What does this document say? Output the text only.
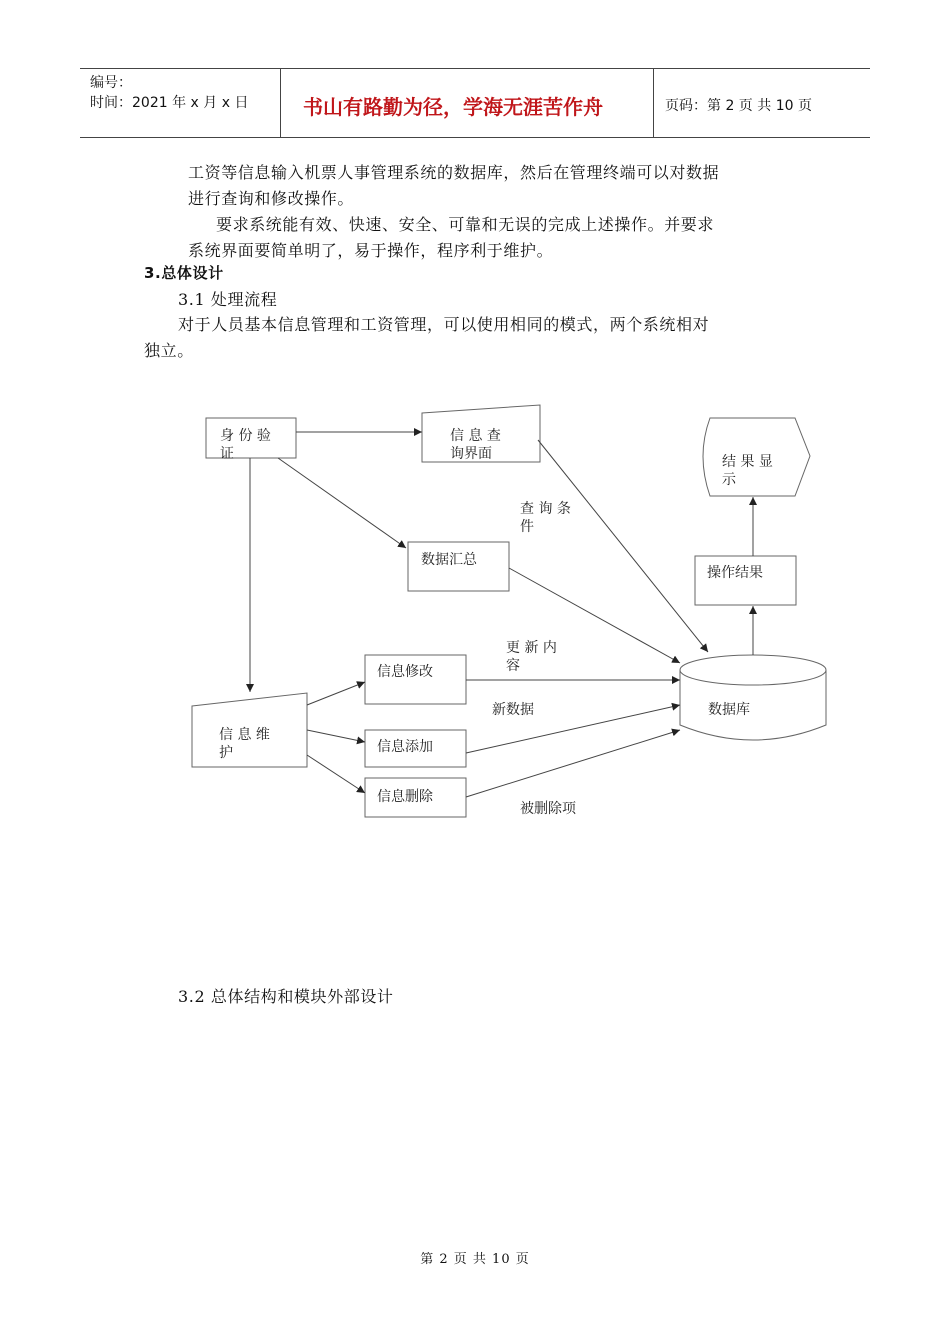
编号：
时间：2021 年 x 月 x 日	书山有路勤为径，学海无涯苦作舟	页码：第 2 页 共 10 页
工资等信息输入机票人事管理系统的数据库，然后在管理终端可以对数据
进行查询和修改操作。
要求系统能有效、快速、安全、可靠和无误的完成上述操作。并要求
系统界面要简单明了，易于操作，程序利于维护。
3.总体设计
3.1 处理流程
对于人员基本信息管理和工资管理，可以使用相同的模式，两个系统相对
独立。
身 份 验
证
信 息 查
询界面	结 果 显
示
查 询 条
件
数据汇总
操作结果
更 新 内
容
信息修改
数据库
新数据
信 息 维
护	信息添加
信息删除
被删除项
3.2 总体结构和模块外部设计
第 2 页 共 10 页
